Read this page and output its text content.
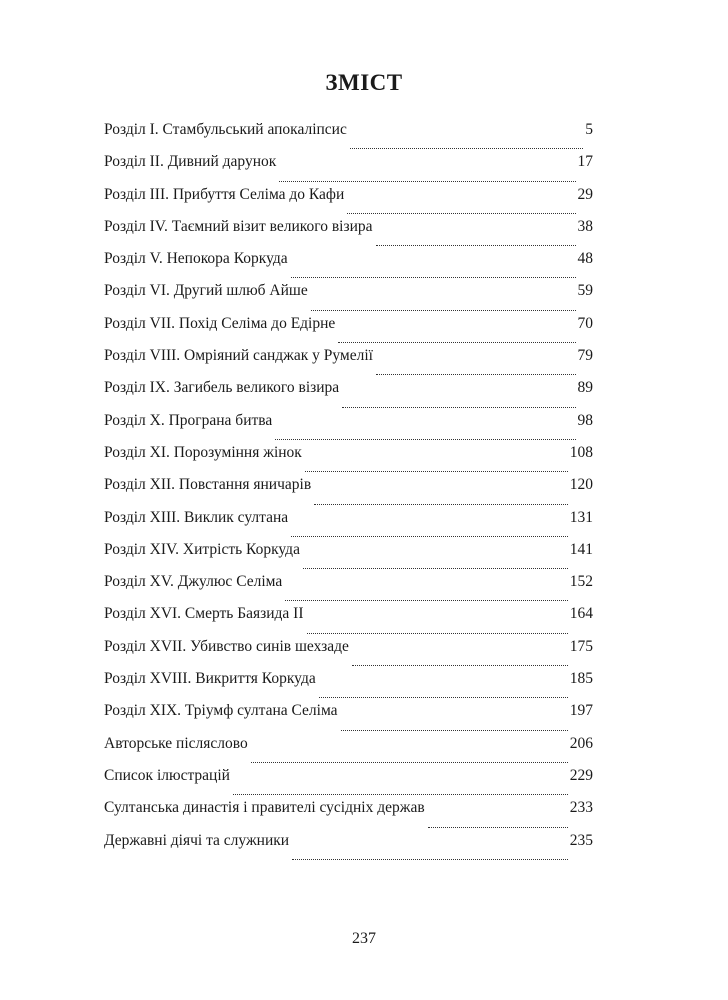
ЗМІСТ
Розділ I. Стамбульський апокаліпсис	5
Розділ II. Дивний дарунок	17
Розділ III. Прибуття Селіма до Кафи	29
Розділ IV. Таємний візит великого візира	38
Розділ V. Непокора Коркуда	48
Розділ VI. Другий шлюб Айше	59
Розділ VII. Похід Селіма до Едірне	70
Розділ VIII. Омріяний санджак у Румелії	79
Розділ IX. Загибель великого візира	89
Розділ X. Програна битва	98
Розділ XI. Порозуміння жінок	108
Розділ XII. Повстання яничарів	120
Розділ XIII. Виклик султана	131
Розділ XIV. Хитрість Коркуда	141
Розділ XV. Джулюс Селіма	152
Розділ XVI. Смерть Баязида II	164
Розділ XVII. Убивство синів шехзаде	175
Розділ XVIII. Викриття Коркуда	185
Розділ XIX. Тріумф султана Селіма	197
Авторське післяслово	206
Список ілюстрацій	229
Султанська династія і правителі сусідніх держав	233
Державні діячі та служники	235
237
